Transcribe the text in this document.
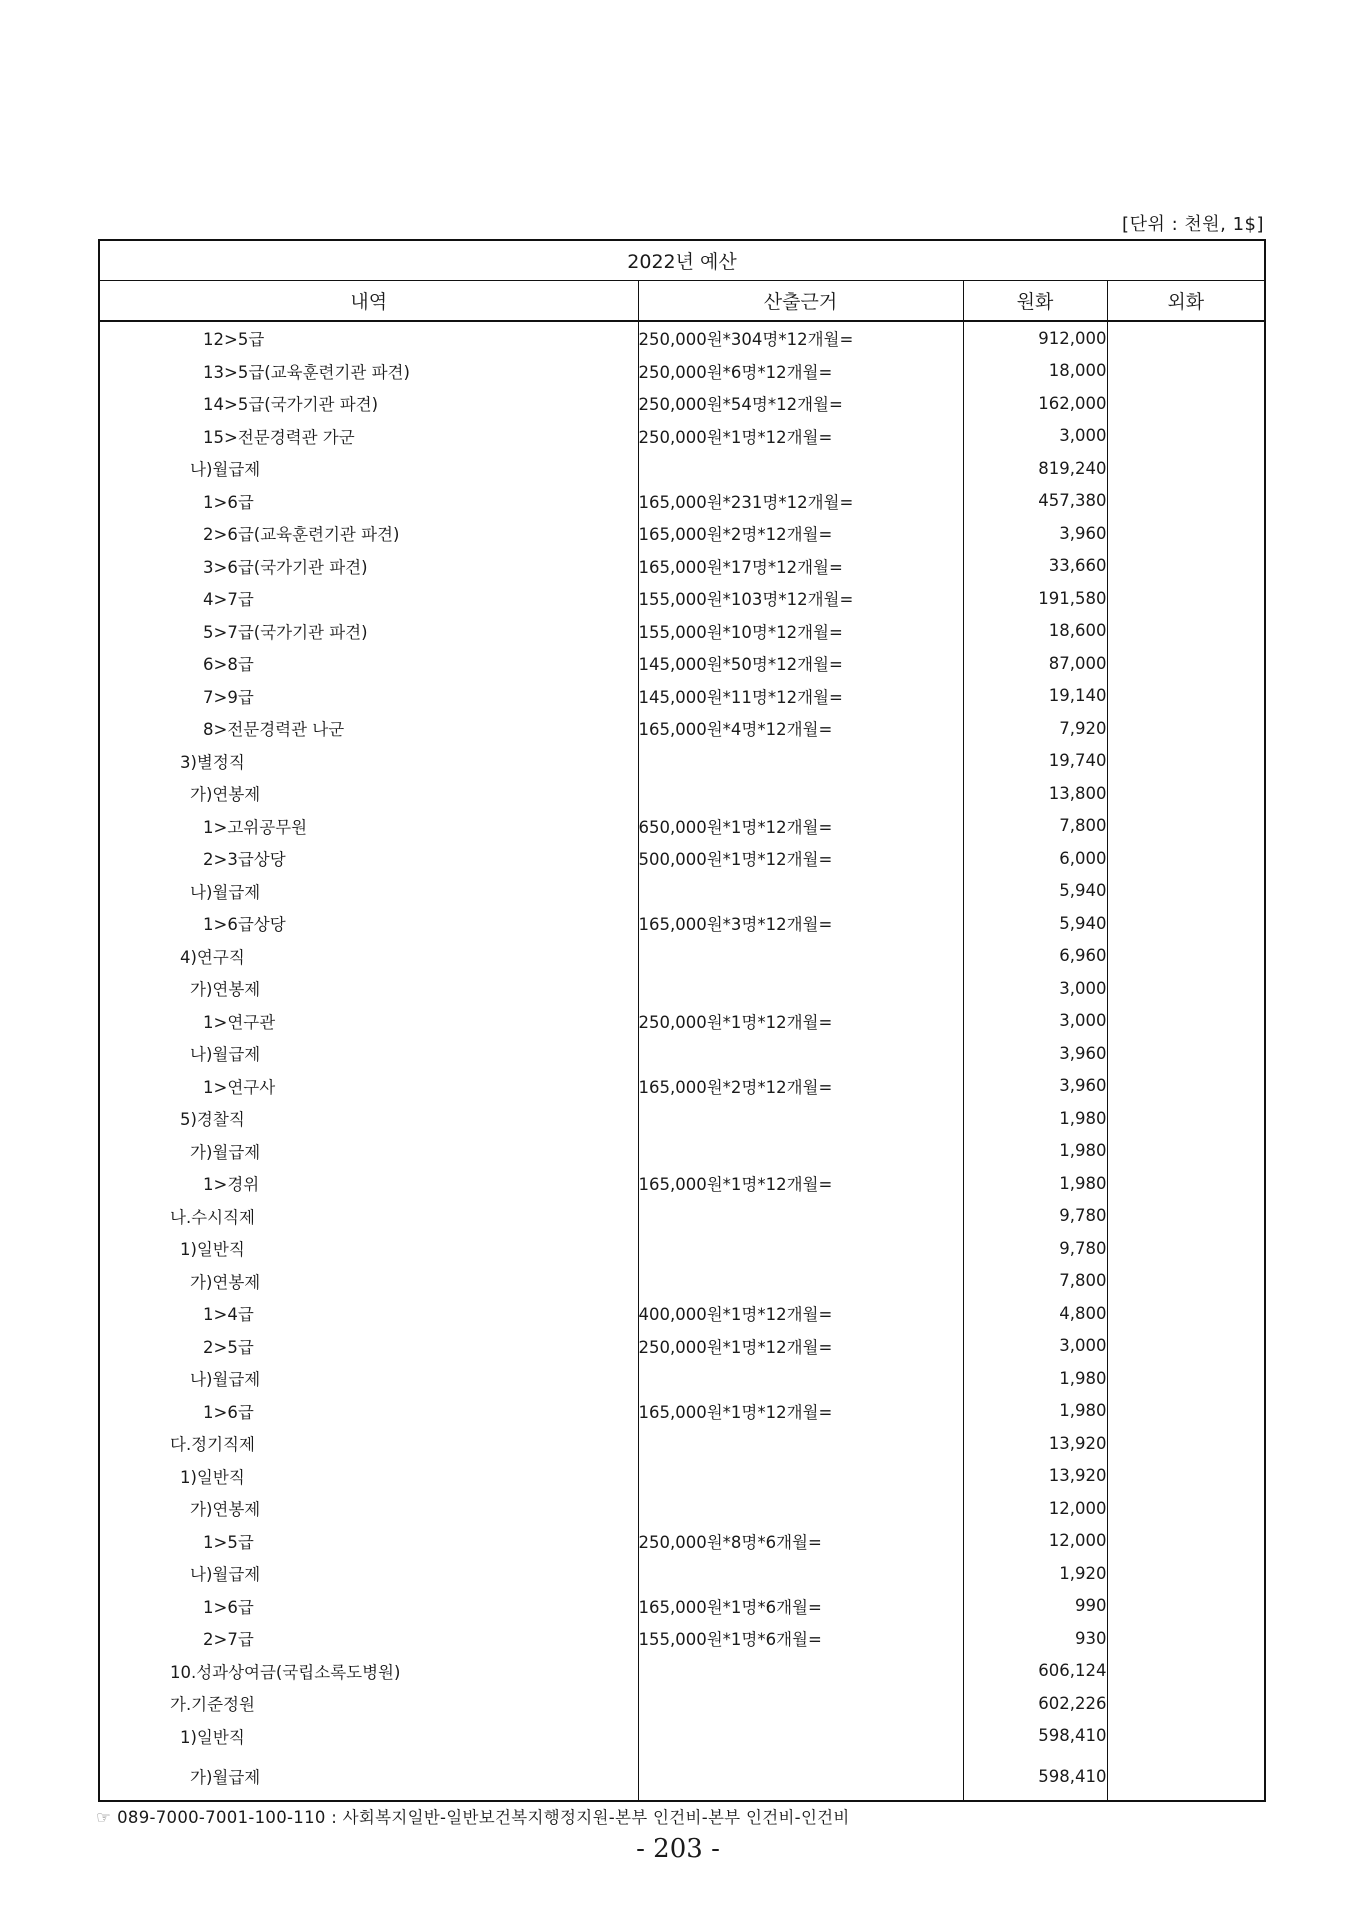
[단위 : 천원, 1$]
2022년 예산			
내역	산출근거	원화	외화
12>5급	250,000원*304명*12개월=	912,000	
13>5급(교육훈련기관 파견)	250,000원*6명*12개월=	18,000	
14>5급(국가기관 파견)	250,000원*54명*12개월=	162,000	
15>전문경력관 가군	250,000원*1명*12개월=	3,000	
나)월급제		819,240	
1>6급	165,000원*231명*12개월=	457,380	
2>6급(교육훈련기관 파견)	165,000원*2명*12개월=	3,960	
3>6급(국가기관 파견)	165,000원*17명*12개월=	33,660	
4>7급	155,000원*103명*12개월=	191,580	
5>7급(국가기관 파견)	155,000원*10명*12개월=	18,600	
6>8급	145,000원*50명*12개월=	87,000	
7>9급	145,000원*11명*12개월=	19,140	
8>전문경력관 나군	165,000원*4명*12개월=	7,920	
3)별정직		19,740	
가)연봉제		13,800	
1>고위공무원	650,000원*1명*12개월=	7,800	
2>3급상당	500,000원*1명*12개월=	6,000	
나)월급제		5,940	
1>6급상당	165,000원*3명*12개월=	5,940	
4)연구직		6,960	
가)연봉제		3,000	
1>연구관	250,000원*1명*12개월=	3,000	
나)월급제		3,960	
1>연구사	165,000원*2명*12개월=	3,960	
5)경찰직		1,980	
가)월급제		1,980	
1>경위	165,000원*1명*12개월=	1,980	
나.수시직제		9,780	
1)일반직		9,780	
가)연봉제		7,800	
1>4급	400,000원*1명*12개월=	4,800	
2>5급	250,000원*1명*12개월=	3,000	
나)월급제		1,980	
1>6급	165,000원*1명*12개월=	1,980	
다.정기직제		13,920	
1)일반직		13,920	
가)연봉제		12,000	
1>5급	250,000원*8명*6개월=	12,000	
나)월급제		1,920	
1>6급	165,000원*1명*6개월=	990	
2>7급	155,000원*1명*6개월=	930	
10.성과상여금(국립소록도병원)		606,124	
가.기준정원		602,226	
1)일반직		598,410	
가)월급제		598,410	
☞ 089-7000-7001-100-110 : 사회복지일반-일반보건복지행정지원-본부 인건비-본부 인건비-인건비
- 203 -
